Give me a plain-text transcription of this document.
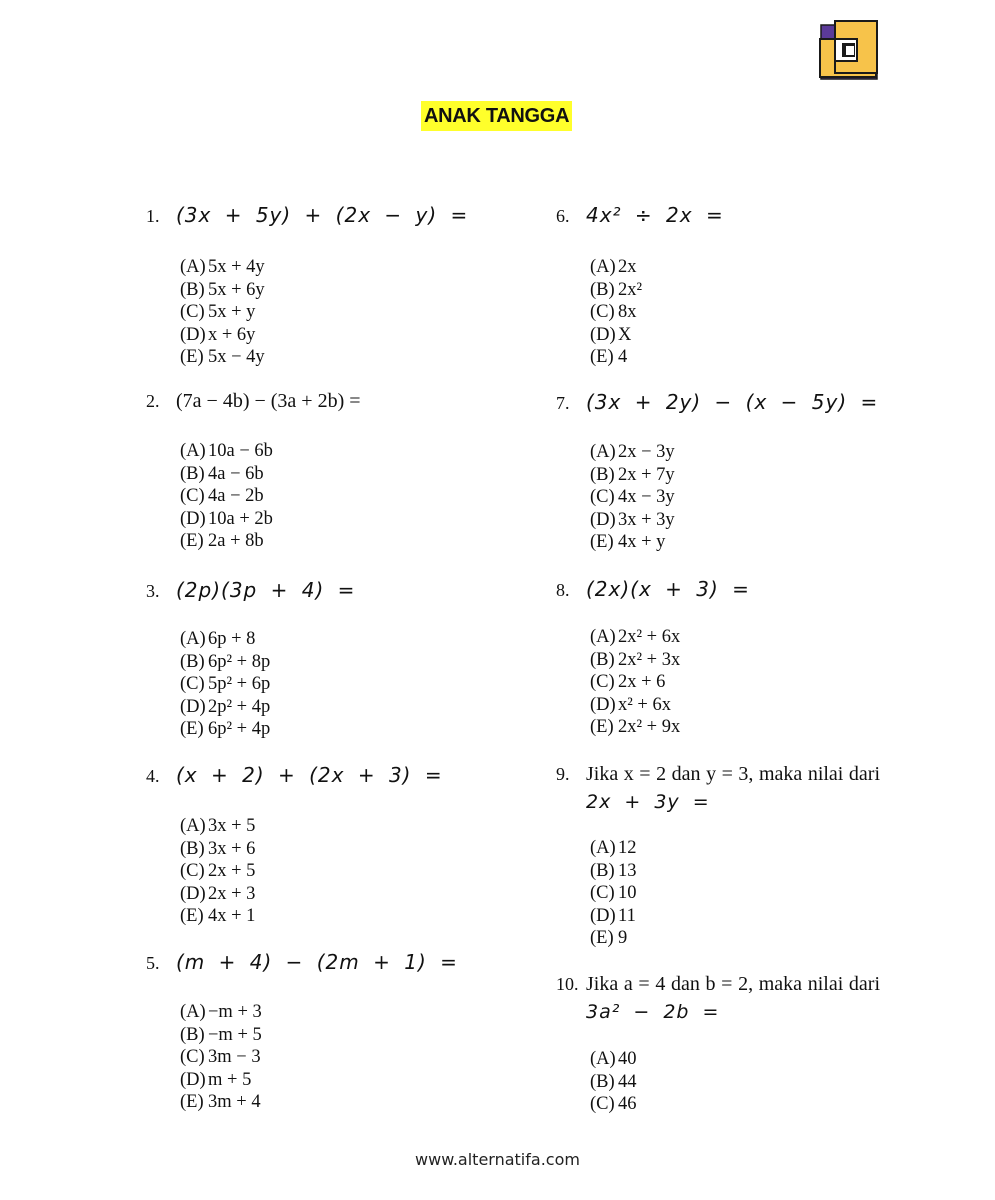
ANAK TANGGA
1. (3x + 5y) + (2x − y) =
(A) 5x + 4y
(B) 5x + 6y
(C) 5x + y
(D) x + 6y
(E) 5x − 4y
2. (7a − 4b) − (3a + 2b) =
(A) 10a − 6b
(B) 4a − 6b
(C) 4a − 2b
(D) 10a + 2b
(E) 2a + 8b
3. (2p)(3p + 4) =
(A) 6p + 8
(B) 6p² + 8p
(C) 5p² + 6p
(D) 2p² + 4p
(E) 6p² + 4p
4. (x + 2) + (2x + 3) =
(A) 3x + 5
(B) 3x + 6
(C) 2x + 5
(D) 2x + 3
(E) 4x + 1
5. (m + 4) − (2m + 1) =
(A) −m + 3
(B) −m + 5
(C) 3m − 3
(D) m + 5
(E) 3m + 4
6. 4x² ÷ 2x =
(A) 2x
(B) 2x²
(C) 8x
(D) X
(E) 4
7. (3x + 2y) − (x − 5y) =
(A) 2x − 3y
(B) 2x + 7y
(C) 4x − 3y
(D) 3x + 3y
(E) 4x + y
8. (2x)(x + 3) =
(A) 2x² + 6x
(B) 2x² + 3x
(C) 2x + 6
(D) x² + 6x
(E) 2x² + 9x
9. Jika x = 2 dan y = 3, maka nilai dari 2x + 3y =
(A) 12
(B) 13
(C) 10
(D) 11
(E) 9
10. Jika a = 4 dan b = 2, maka nilai dari 3a² − 2b =
(A) 40
(B) 44
(C) 46
www.alternatifa.com
